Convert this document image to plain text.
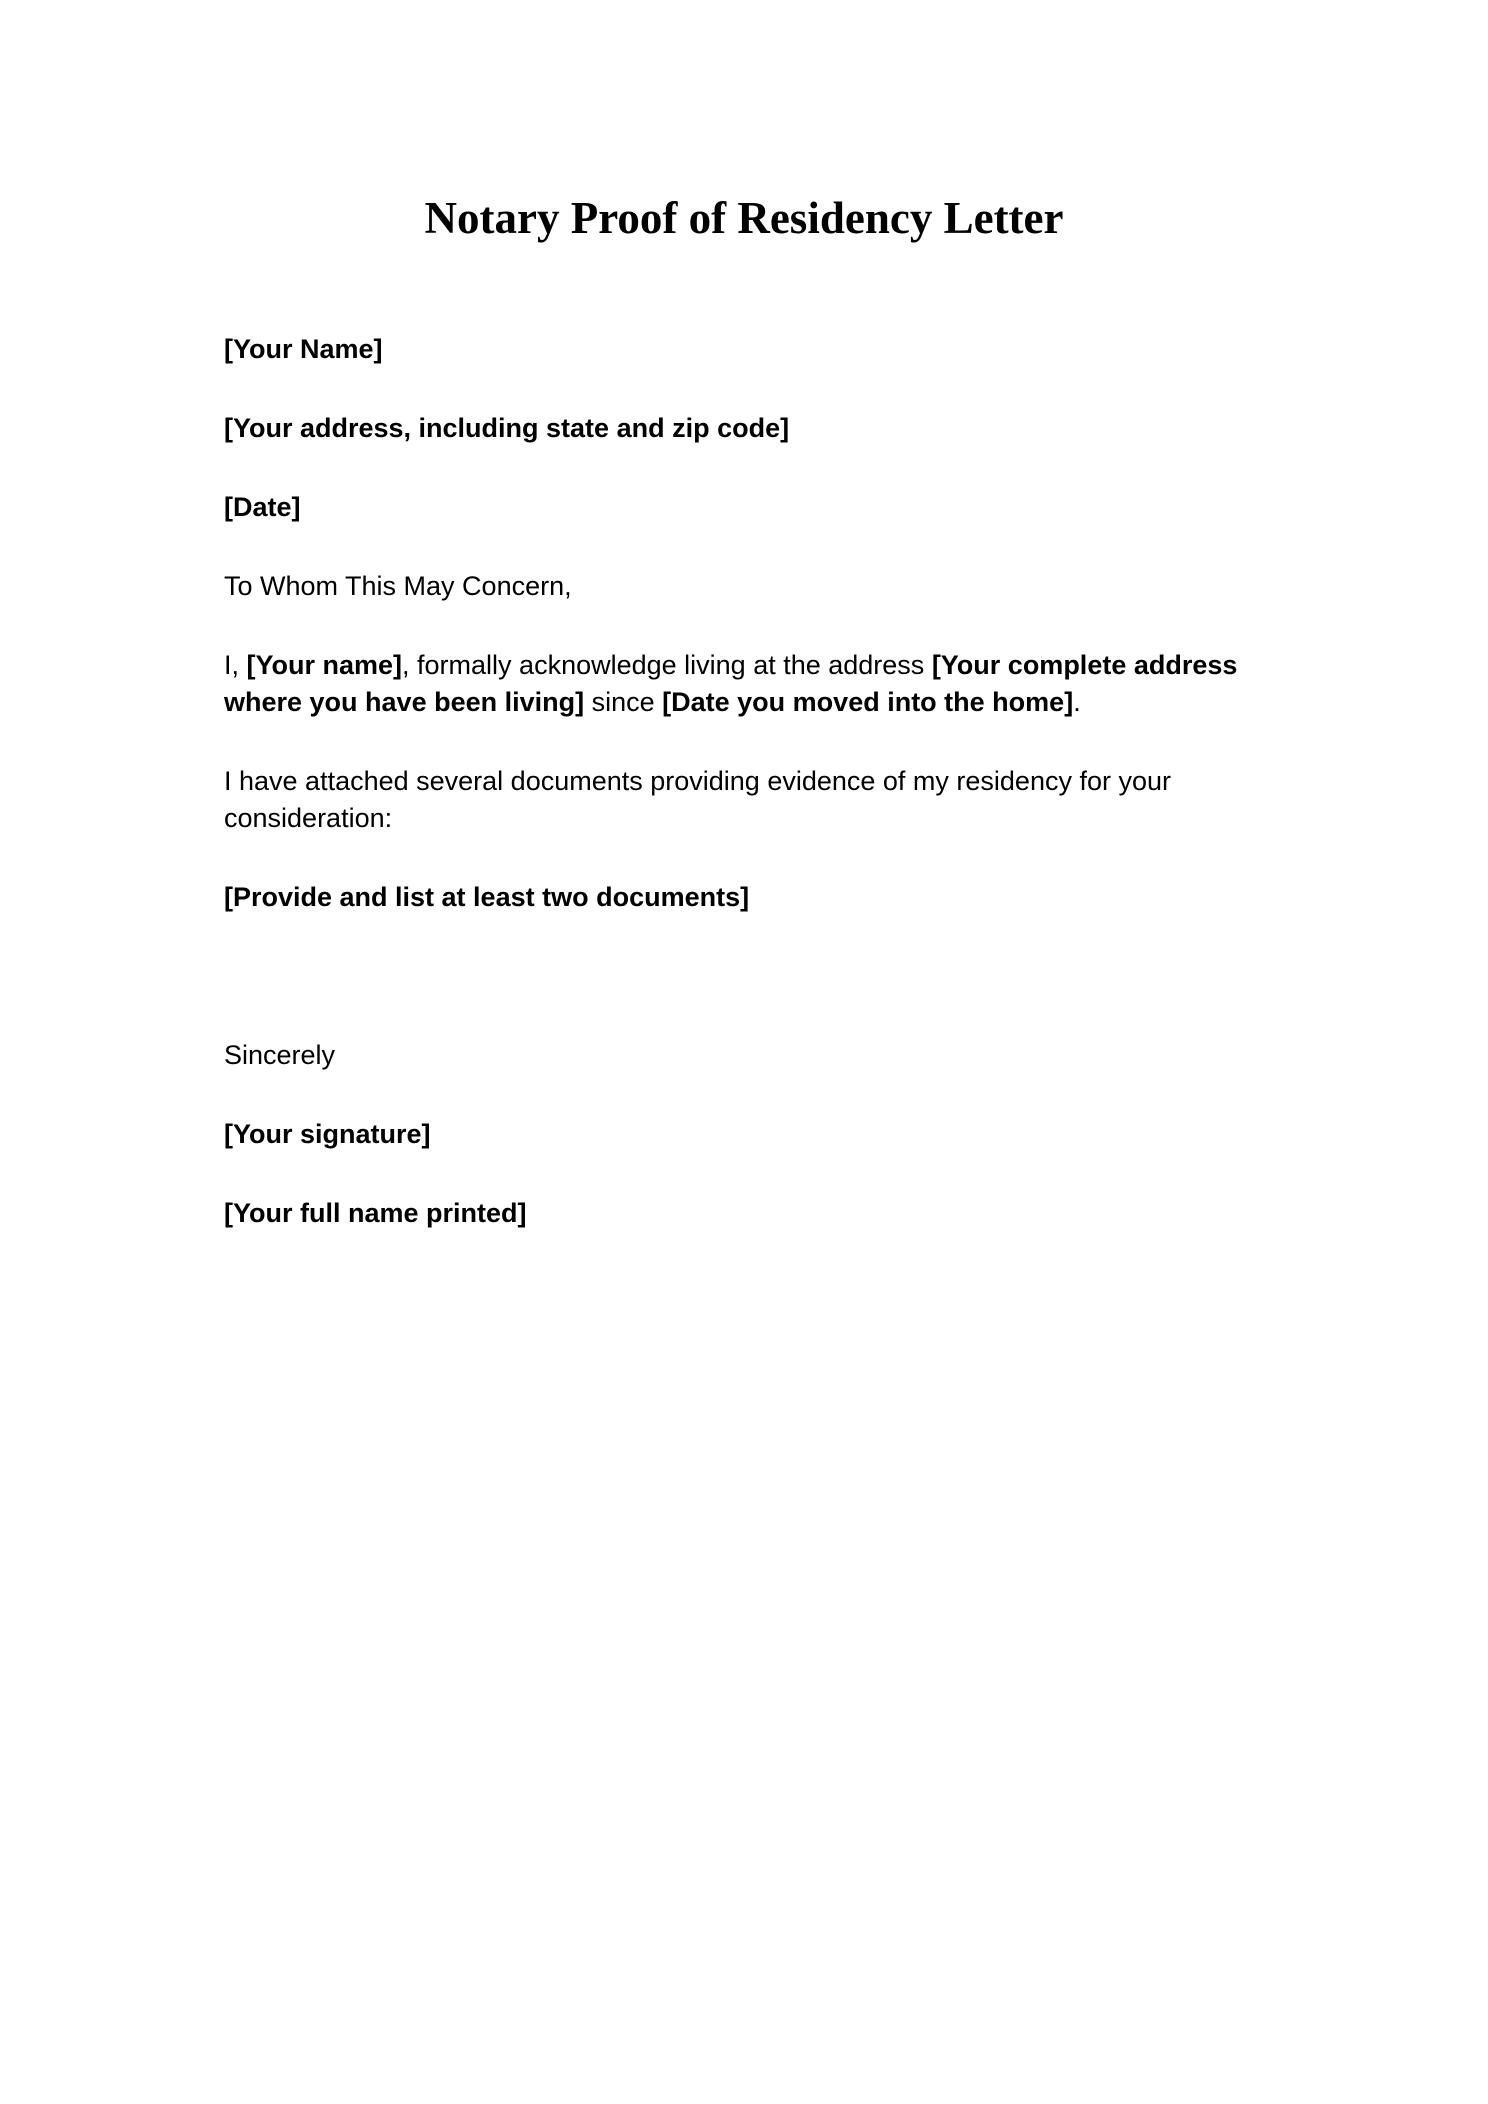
Notary Proof of Residency Letter

[Your Name]

[Your address, including state and zip code]

[Date]

To Whom This May Concern,

I, [Your name], formally acknowledge living at the address [Your complete address where you have been living] since [Date you moved into the home].

I have attached several documents providing evidence of my residency for your consideration:

[Provide and list at least two documents]

Sincerely

[Your signature]

[Your full name printed]
